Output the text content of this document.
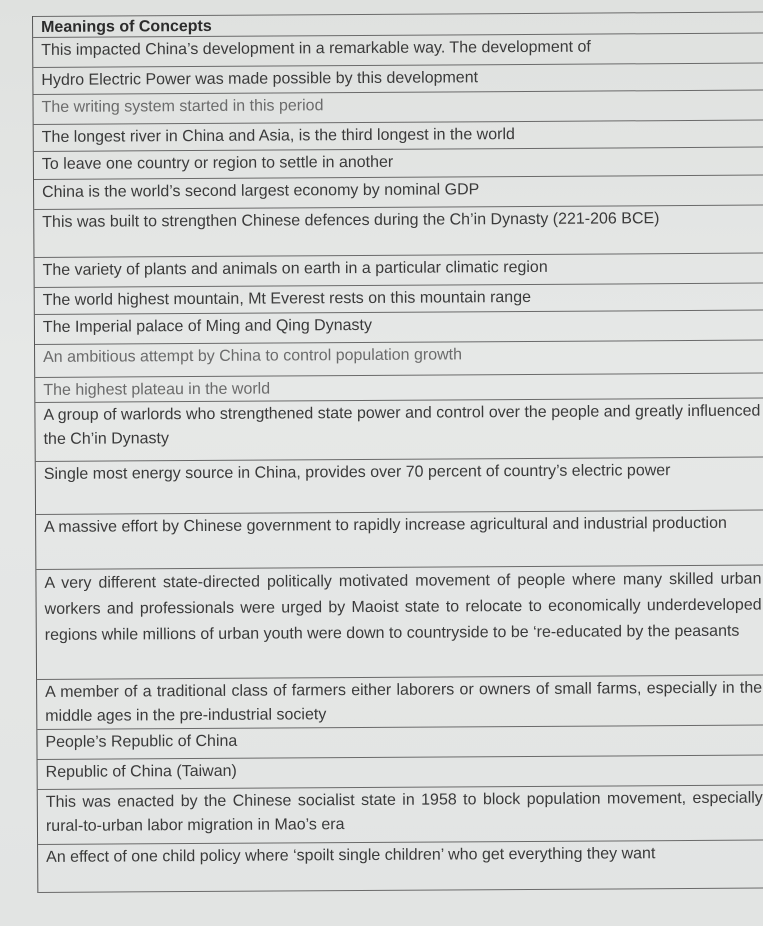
Meanings of Concepts
This impacted China’s development in a remarkable way. The development of
Hydro Electric Power was made possible by this development
The writing system started in this period
The longest river in China and Asia, is the third longest in the world
To leave one country or region to settle in another
China is the world’s second largest economy by nominal GDP
This was built to strengthen Chinese defences during the Ch’in Dynasty (221-206 BCE)
The variety of plants and animals on earth in a particular climatic region
The world highest mountain, Mt Everest rests on this mountain range
The Imperial palace of Ming and Qing Dynasty
An ambitious attempt by China to control population growth
The highest plateau in the world
A group of warlords who strengthened state power and control over the people and greatly influenced the Ch’in Dynasty
Single most energy source in China, provides over 70 percent of country’s electric power
A massive effort by Chinese government to rapidly increase agricultural and industrial production
A very different state-directed politically motivated movement of people where many skilled urban workers and professionals were urged by Maoist state to relocate to economically underdeveloped regions while millions of urban youth were down to countryside to be ‘re-educated by the peasants
A member of a traditional class of farmers either laborers or owners of small farms, especially in the middle ages in the pre-industrial society
People’s Republic of China
Republic of China (Taiwan)
This was enacted by the Chinese socialist state in 1958 to block population movement, especially rural-to-urban labor migration in Mao’s era
An effect of one child policy where ‘spoilt single children’ who get everything they want
